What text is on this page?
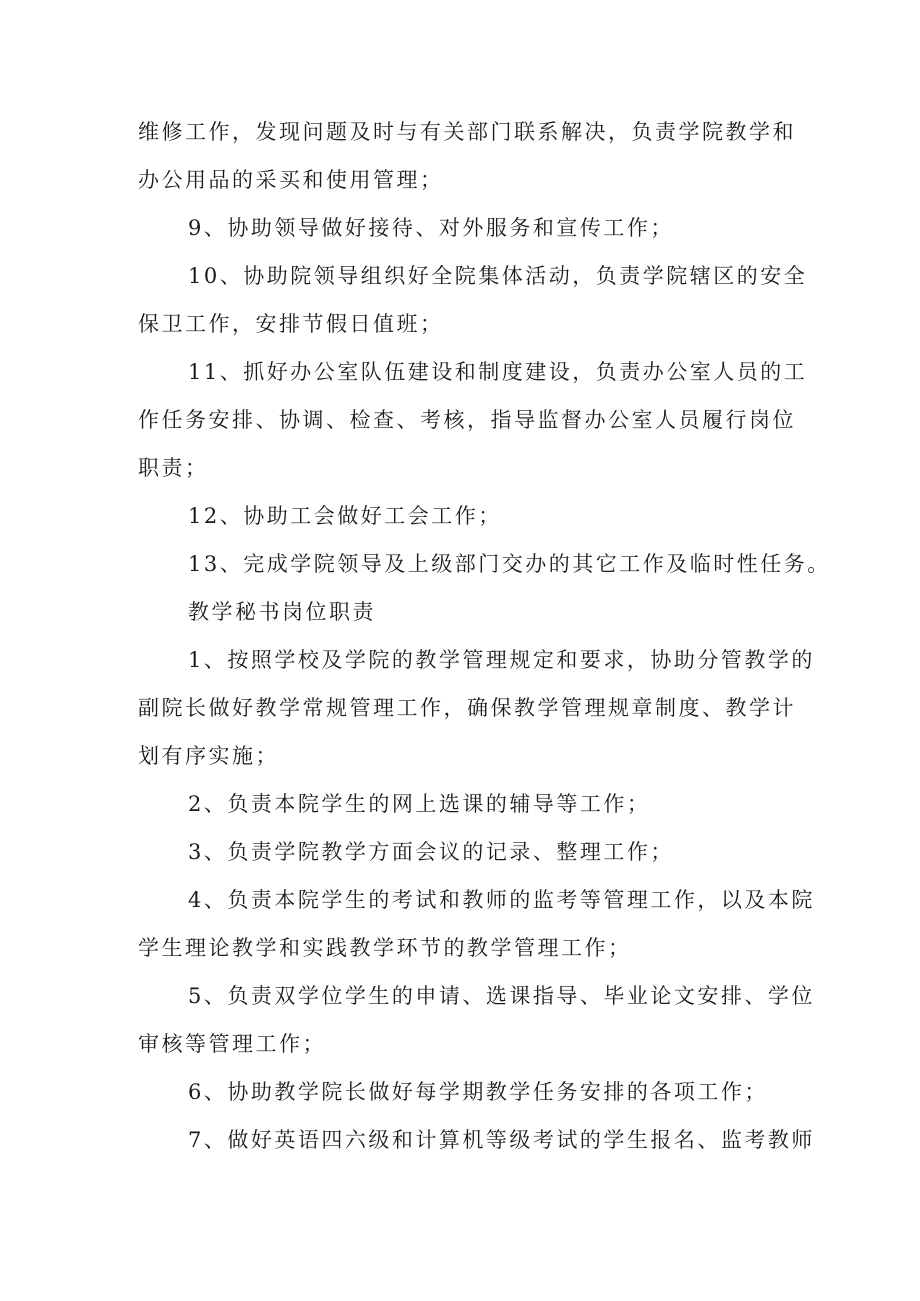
维修工作，发现问题及时与有关部门联系解决，负责学院教学和
办公用品的采买和使用管理；

9、协助领导做好接待、对外服务和宣传工作；

10、协助院领导组织好全院集体活动，负责学院辖区的安全
保卫工作，安排节假日值班；

11、抓好办公室队伍建设和制度建设，负责办公室人员的工
作任务安排、协调、检查、考核，指导监督办公室人员履行岗位
职责；

12、协助工会做好工会工作；

13、完成学院领导及上级部门交办的其它工作及临时性任务。

教学秘书岗位职责

1、按照学校及学院的教学管理规定和要求，协助分管教学的
副院长做好教学常规管理工作，确保教学管理规章制度、教学计
划有序实施；

2、负责本院学生的网上选课的辅导等工作；

3、负责学院教学方面会议的记录、整理工作；

4、负责本院学生的考试和教师的监考等管理工作，以及本院
学生理论教学和实践教学环节的教学管理工作；

5、负责双学位学生的申请、选课指导、毕业论文安排、学位
审核等管理工作；

6、协助教学院长做好每学期教学任务安排的各项工作；

7、做好英语四六级和计算机等级考试的学生报名、监考教师
